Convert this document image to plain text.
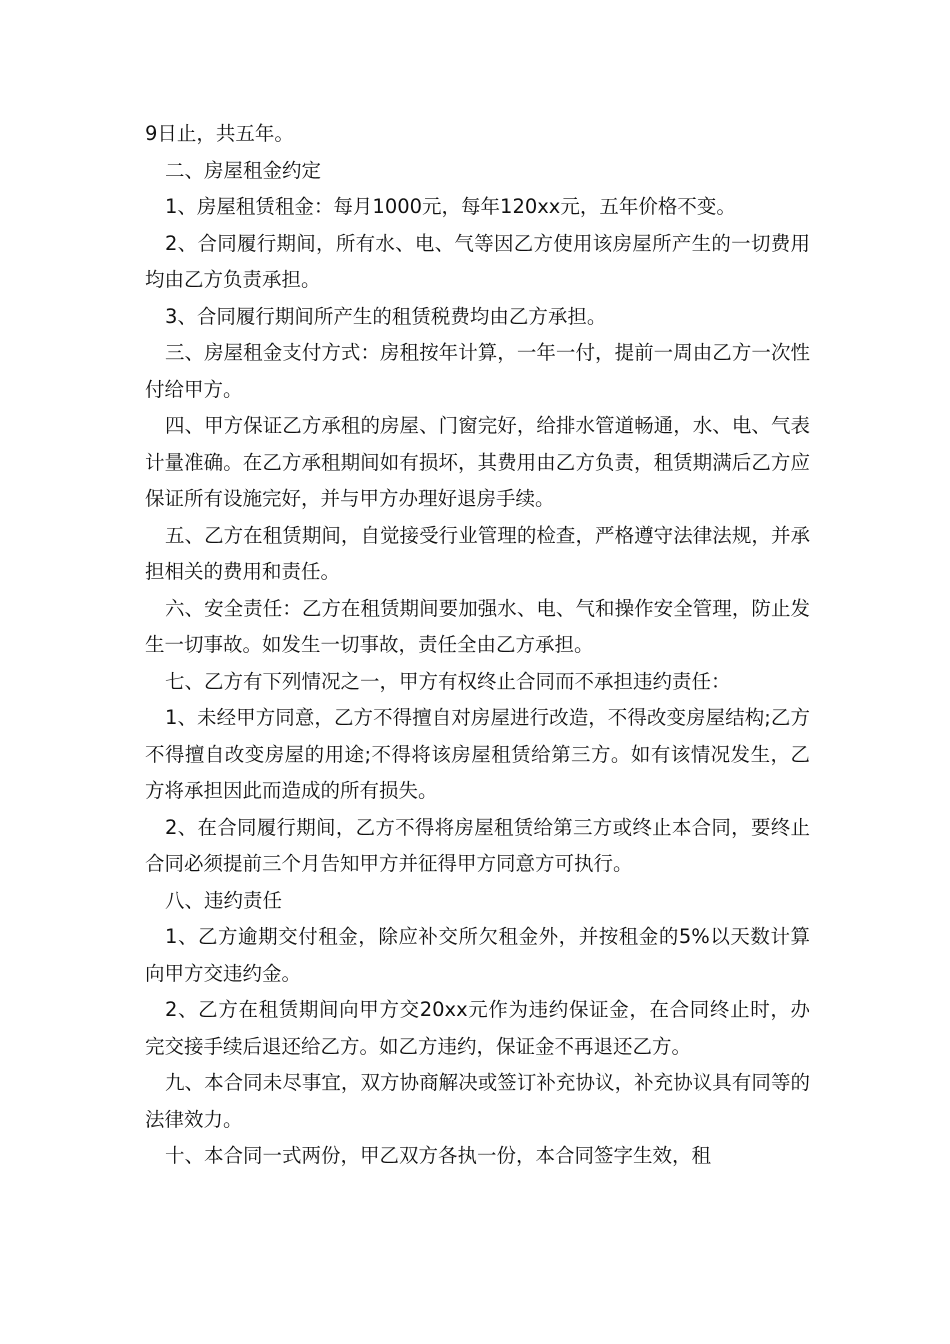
9日止，共五年。

二、房屋租金约定

1、房屋租赁租金：每月1000元，每年120xx元，五年价格不变。

2、合同履行期间，所有水、电、气等因乙方使用该房屋所产生的一切费用均由乙方负责承担。

3、合同履行期间所产生的租赁税费均由乙方承担。

三、房屋租金支付方式：房租按年计算，一年一付，提前一周由乙方一次性付给甲方。

四、甲方保证乙方承租的房屋、门窗完好，给排水管道畅通，水、电、气表计量准确。在乙方承租期间如有损坏，其费用由乙方负责，租赁期满后乙方应保证所有设施完好，并与甲方办理好退房手续。

五、乙方在租赁期间，自觉接受行业管理的检查，严格遵守法律法规，并承担相关的费用和责任。

六、安全责任：乙方在租赁期间要加强水、电、气和操作安全管理，防止发生一切事故。如发生一切事故，责任全由乙方承担。

七、乙方有下列情况之一，甲方有权终止合同而不承担违约责任：

1、未经甲方同意，乙方不得擅自对房屋进行改造，不得改变房屋结构;乙方不得擅自改变房屋的用途;不得将该房屋租赁给第三方。如有该情况发生，乙方将承担因此而造成的所有损失。

2、在合同履行期间，乙方不得将房屋租赁给第三方或终止本合同，要终止合同必须提前三个月告知甲方并征得甲方同意方可执行。

八、违约责任

1、乙方逾期交付租金，除应补交所欠租金外，并按租金的5%以天数计算向甲方交违约金。

2、乙方在租赁期间向甲方交20xx元作为违约保证金，在合同终止时，办完交接手续后退还给乙方。如乙方违约，保证金不再退还乙方。

九、本合同未尽事宜，双方协商解决或签订补充协议，补充协议具有同等的法律效力。

十、本合同一式两份，甲乙双方各执一份，本合同签字生效，租
